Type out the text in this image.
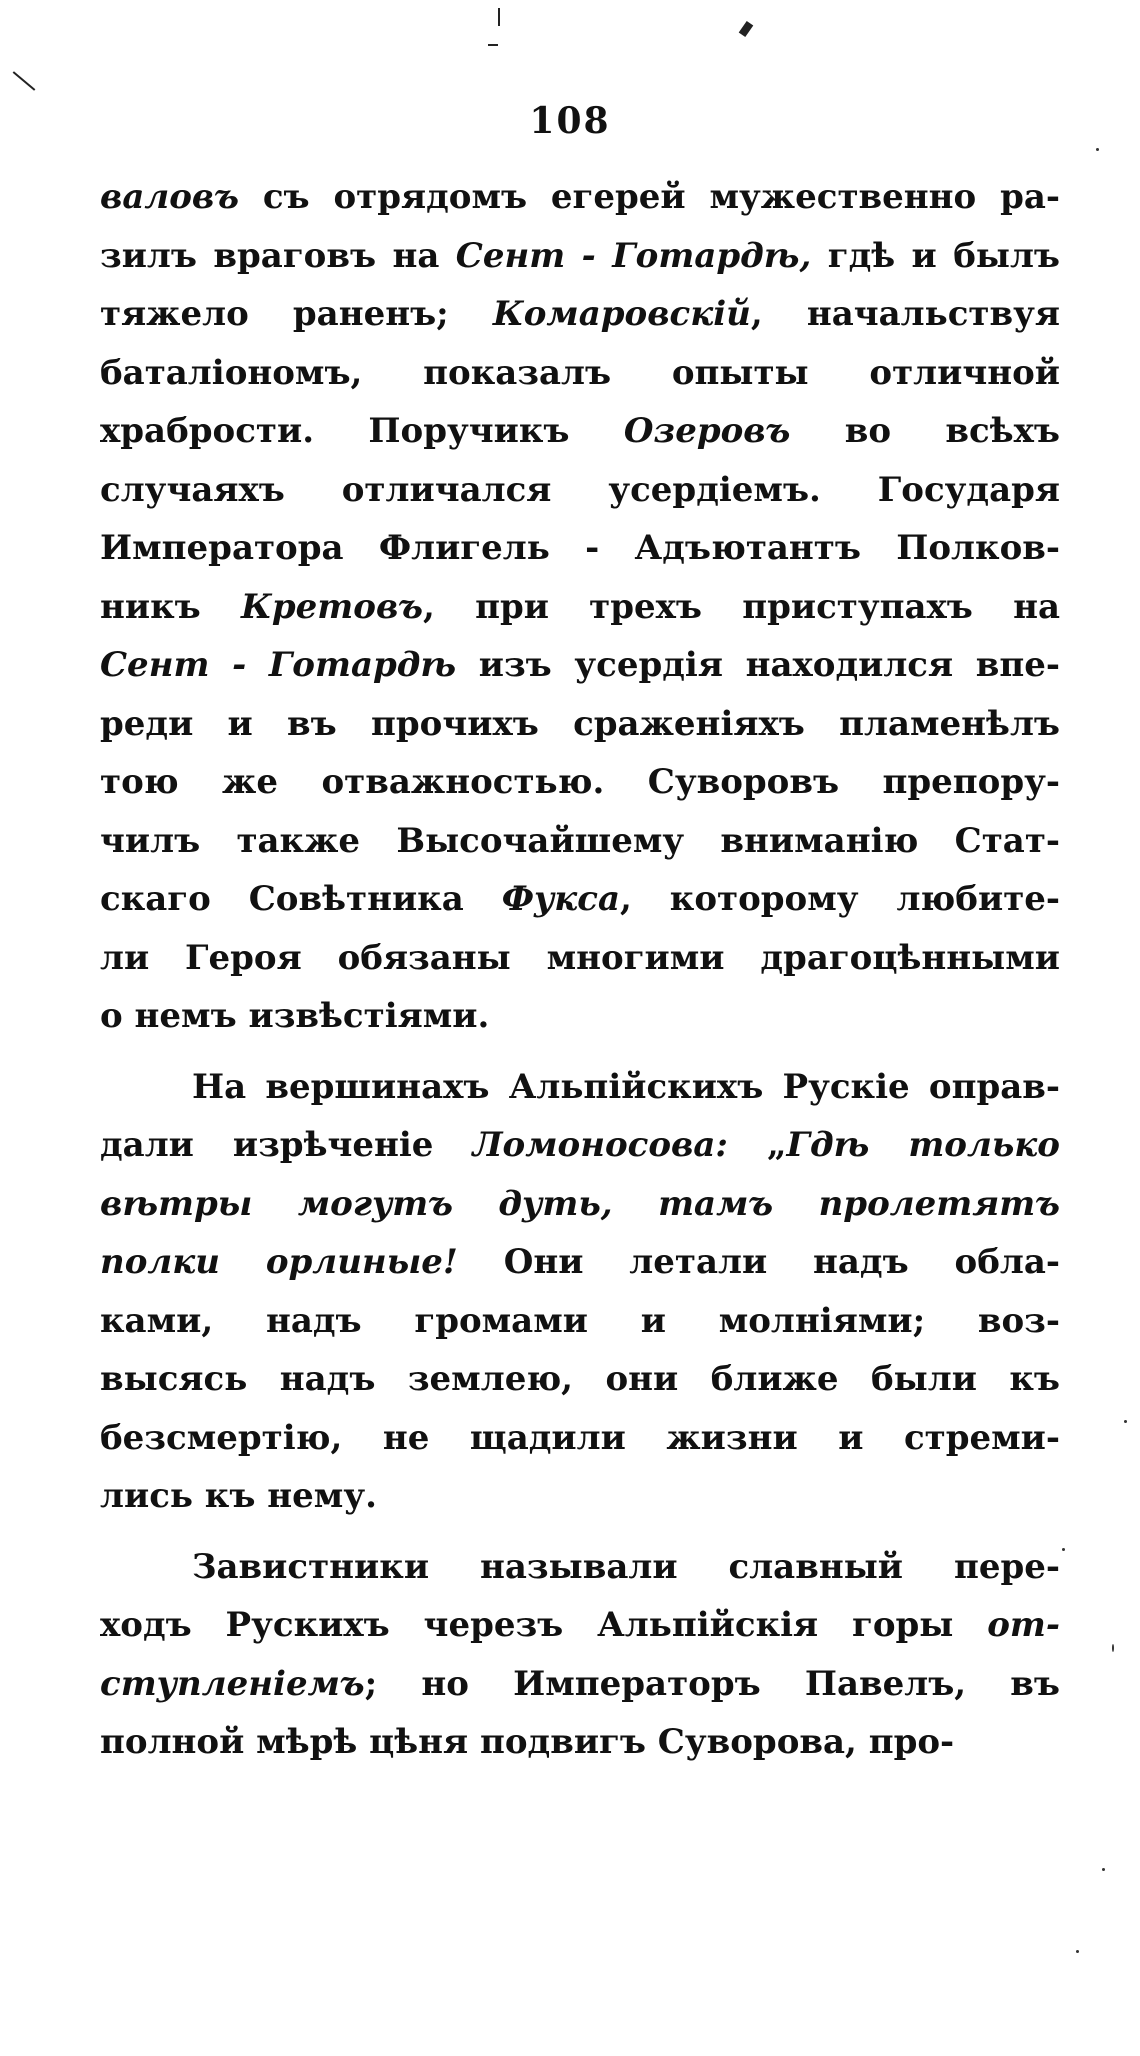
108
валовъ съ отрядомъ егерей мужественно ра-
зилъ враговъ на Сент - Готардѣ, гдѣ и былъ
тяжело раненъ; Комаровскій, начальствуя
баталіономъ, показалъ опыты отличной
храбрости. Поручикъ Озеровъ во всѣхъ
случаяхъ отличался усердіемъ. Государя
Императора Флигель - Адъютантъ Полков-
никъ Кретовъ, при трехъ приступахъ на
Сент - Готардѣ изъ усердія находился впе-
реди и въ прочихъ сраженіяхъ пламенѣлъ
тою же отважностью. Суворовъ препору-
чилъ также Высочайшему вниманію Стат-
скаго Совѣтника Фукса, которому любите-
ли Героя обязаны многими драгоцѣнными
о немъ извѣстіями.
На вершинахъ Альпійскихъ Рускіе оправ-
дали изрѣченіе Ломоносова: „Гдѣ только
вѣтры могутъ дуть, тамъ пролетятъ
полки орлиные! Они летали надъ обла-
ками, надъ громами и молніями; воз-
высясь надъ землею, они ближе были къ
безсмертію, не щадили жизни и стреми-
лись къ нему.
Завистники называли славный пере-
ходъ Рускихъ черезъ Альпійскія горы от-
ступленіемъ; но Императоръ Павелъ, въ
полной мѣрѣ цѣня подвигъ Суворова, про-
